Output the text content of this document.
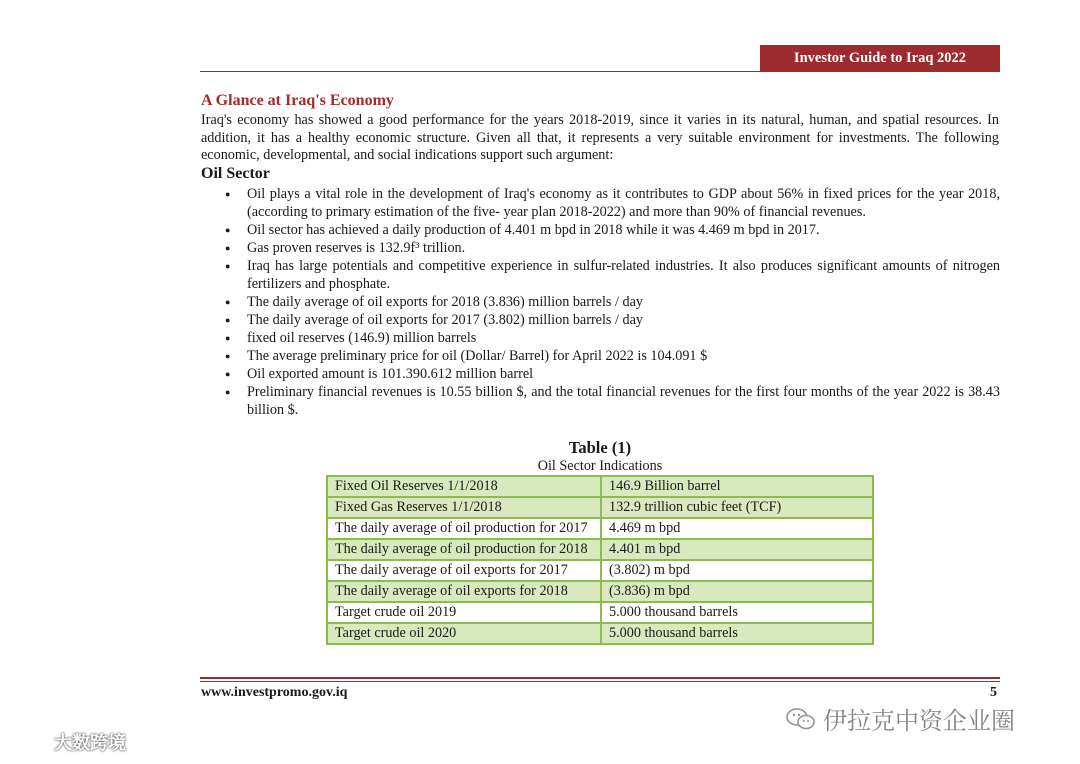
Investor Guide to Iraq 2022
A Glance at Iraq's Economy

Iraq's economy has showed a good performance for the years 2018-2019, since it varies in its natural, human, and spatial resources. In addition, it has a healthy economic structure. Given all that, it represents a very suitable environment for investments. The following economic, developmental, and social indications support such argument:

Oil Sector
● Oil plays a vital role in the development of Iraq's economy as it contributes to GDP about 56% in fixed prices for the year 2018, (according to primary estimation of the five- year plan 2018-2022) and more than 90% of financial revenues.
● Oil sector has achieved a daily production of 4.401 m bpd in 2018 while it was 4.469 m bpd in 2017.
● Gas proven reserves is 132.9f³ trillion.
● Iraq has large potentials and competitive experience in sulfur-related industries. It also produces significant amounts of nitrogen fertilizers and phosphate.
● The daily average of oil exports for 2018 (3.836) million barrels / day
● The daily average of oil exports for 2017 (3.802) million barrels / day
● fixed oil reserves (146.9) million barrels
● The average preliminary price for oil (Dollar/ Barrel) for April 2022 is 104.091 $
● Oil exported amount is 101.390.612 million barrel
● Preliminary financial revenues is 10.55 billion $, and the total financial revenues for the first four months of the year 2022 is 38.43 billion $.
Table (1)
Oil Sector Indications
Fixed Oil Reserves 1/1/2018	146.9 Billion barrel
Fixed Gas Reserves 1/1/2018	132.9 trillion cubic feet (TCF)
The daily average of oil production for 2017	4.469 m bpd
The daily average of oil production for 2018	4.401 m bpd
The daily average of oil exports for 2017	(3.802) m bpd
The daily average of oil exports for 2018	(3.836) m bpd
Target crude oil 2019	5.000 thousand barrels
Target crude oil 2020	5.000 thousand barrels
www.investpromo.gov.iq	5
伊拉克中资企业圈
大数跨境
